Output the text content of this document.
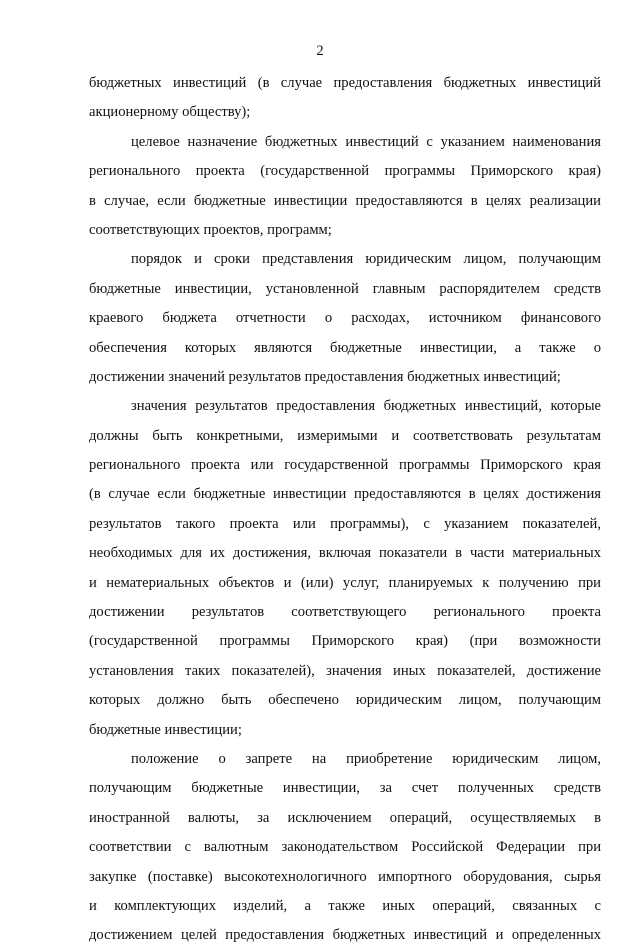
2
бюджетных инвестиций (в случае предоставления бюджетных инвестиций
акционерному обществу);
целевое назначение бюджетных инвестиций с указанием наименования
регионального проекта (государственной программы Приморского края)
в случае, если бюджетные инвестиции предоставляются в целях реализации
соответствующих проектов, программ;
порядок и сроки представления юридическим лицом, получающим
бюджетные инвестиции, установленной главным распорядителем средств
краевого бюджета отчетности о расходах, источником финансового
обеспечения которых являются бюджетные инвестиции, а также о
достижении значений результатов предоставления бюджетных инвестиций;
значения результатов предоставления бюджетных инвестиций, которые
должны быть конкретными, измеримыми и соответствовать результатам
регионального проекта или государственной программы Приморского края
(в случае если бюджетные инвестиции предоставляются в целях достижения
результатов такого проекта или программы), с указанием показателей,
необходимых для их достижения, включая показатели в части материальных
и нематериальных объектов и (или) услуг, планируемых к получению при
достижении результатов соответствующего регионального проекта
(государственной программы Приморского края) (при возможности
установления таких показателей), значения иных показателей, достижение
которых должно быть обеспечено юридическим лицом, получающим
бюджетные инвестиции;
положение о запрете на приобретение юридическим лицом,
получающим бюджетные инвестиции, за счет полученных средств
иностранной валюты, за исключением операций, осуществляемых в
соответствии с валютным законодательством Российской Федерации при
закупке (поставке) высокотехнологичного импортного оборудования, сырья
и комплектующих изделий, а также иных операций, связанных с
достижением целей предоставления бюджетных инвестиций и определенных
